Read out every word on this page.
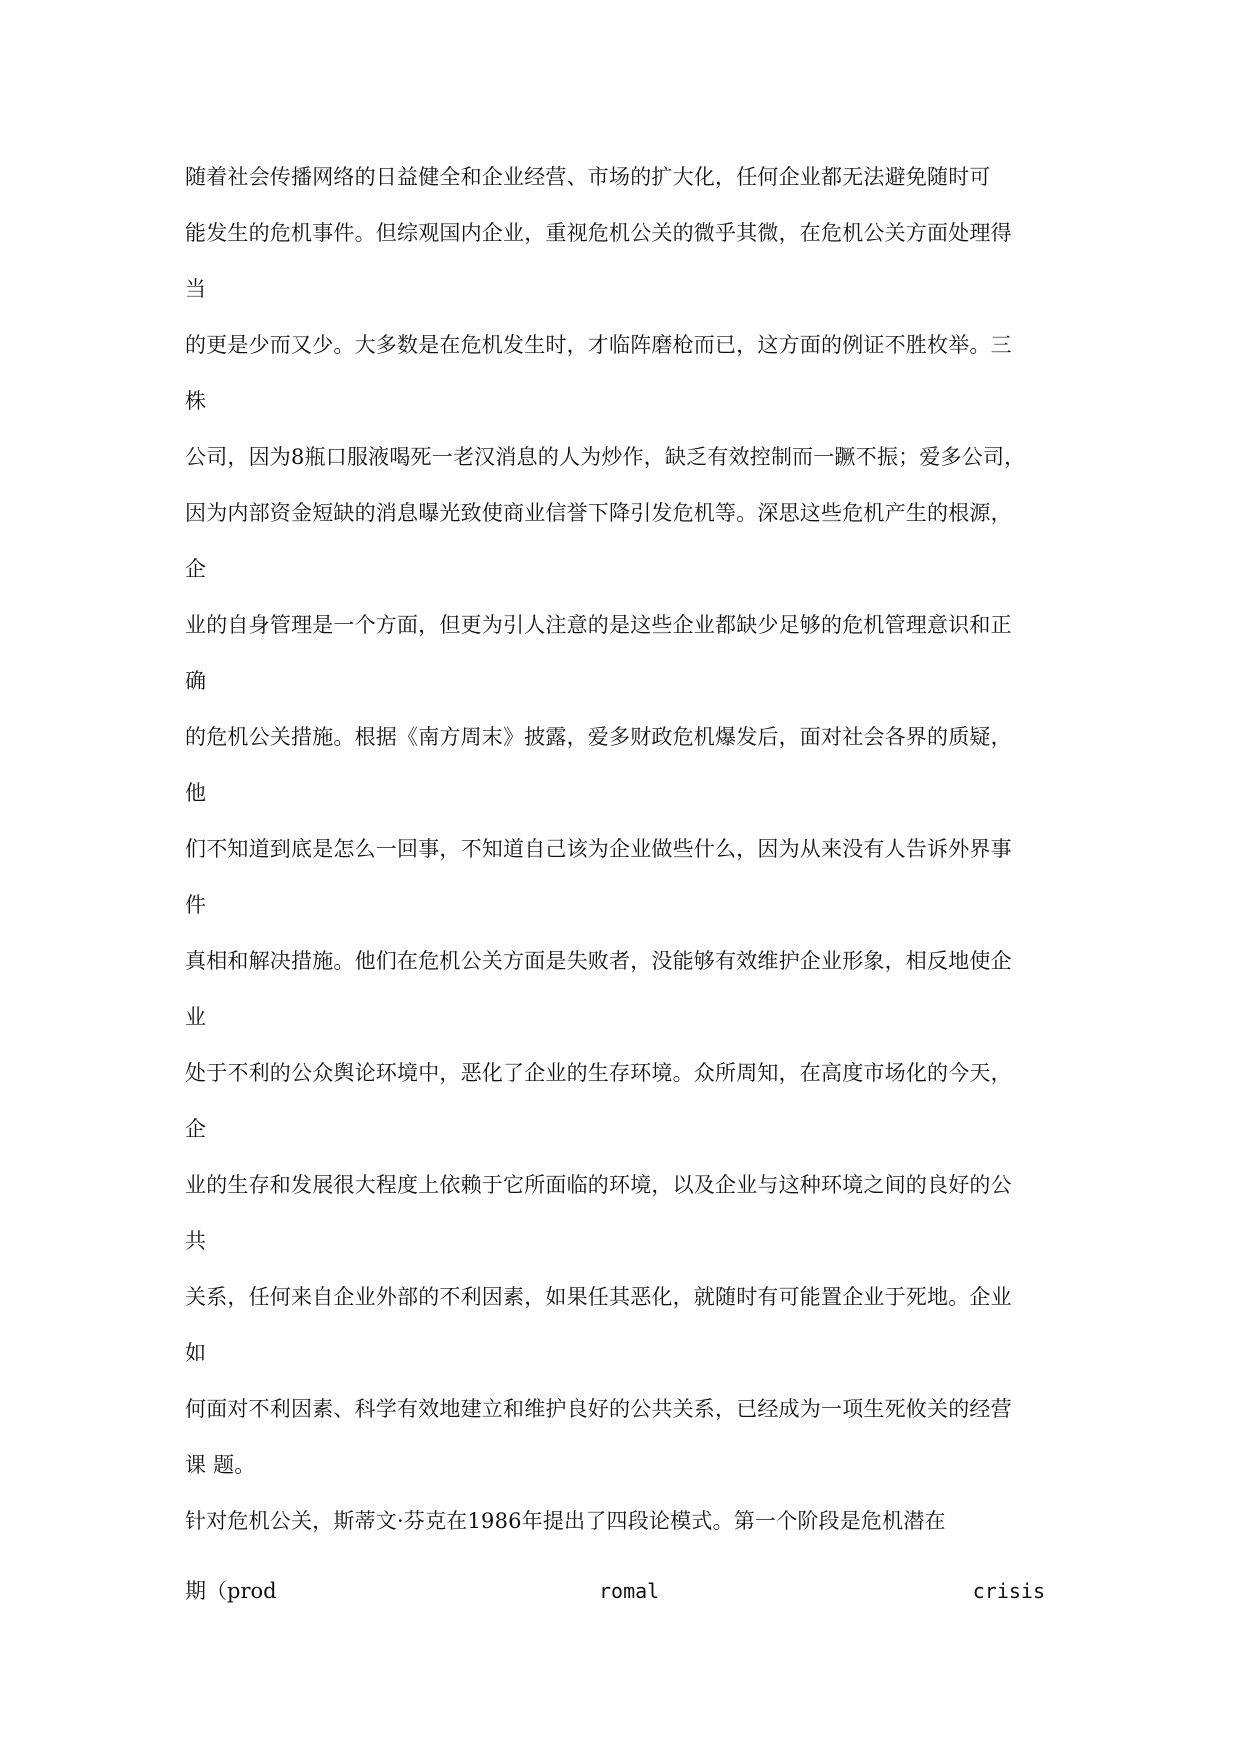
随着社会传播网络的日益健全和企业经营、市场的扩大化，任何企业都无法避免随时可
能发生的危机事件。但综观国内企业，重视危机公关的微乎其微，在危机公关方面处理得
当
的更是少而又少。大多数是在危机发生时，才临阵磨枪而已，这方面的例证不胜枚举。三
株
公司，因为8瓶口服液喝死一老汉消息的人为炒作，缺乏有效控制而一蹶不振；爱多公司，
因为内部资金短缺的消息曝光致使商业信誉下降引发危机等。深思这些危机产生的根源，
企
业的自身管理是一个方面，但更为引人注意的是这些企业都缺少足够的危机管理意识和正
确
的危机公关措施。根据《南方周末》披露，爱多财政危机爆发后，面对社会各界的质疑，
他
们不知道到底是怎么一回事，不知道自己该为企业做些什么，因为从来没有人告诉外界事
件
真相和解决措施。他们在危机公关方面是失败者，没能够有效维护企业形象，相反地使企
业
处于不利的公众舆论环境中，恶化了企业的生存环境。众所周知，在高度市场化的今天，
企
业的生存和发展很大程度上依赖于它所面临的环境，以及企业与这种环境之间的良好的公
共
关系，任何来自企业外部的不利因素，如果任其恶化，就随时有可能置企业于死地。企业
如
何面对不利因素、科学有效地建立和维护良好的公共关系，已经成为一项生死攸关的经营
课 题。
针对危机公关，斯蒂文·芬克在1986年提出了四段论模式。第一个阶段是危机潜在
期（prod	romal	crisis
